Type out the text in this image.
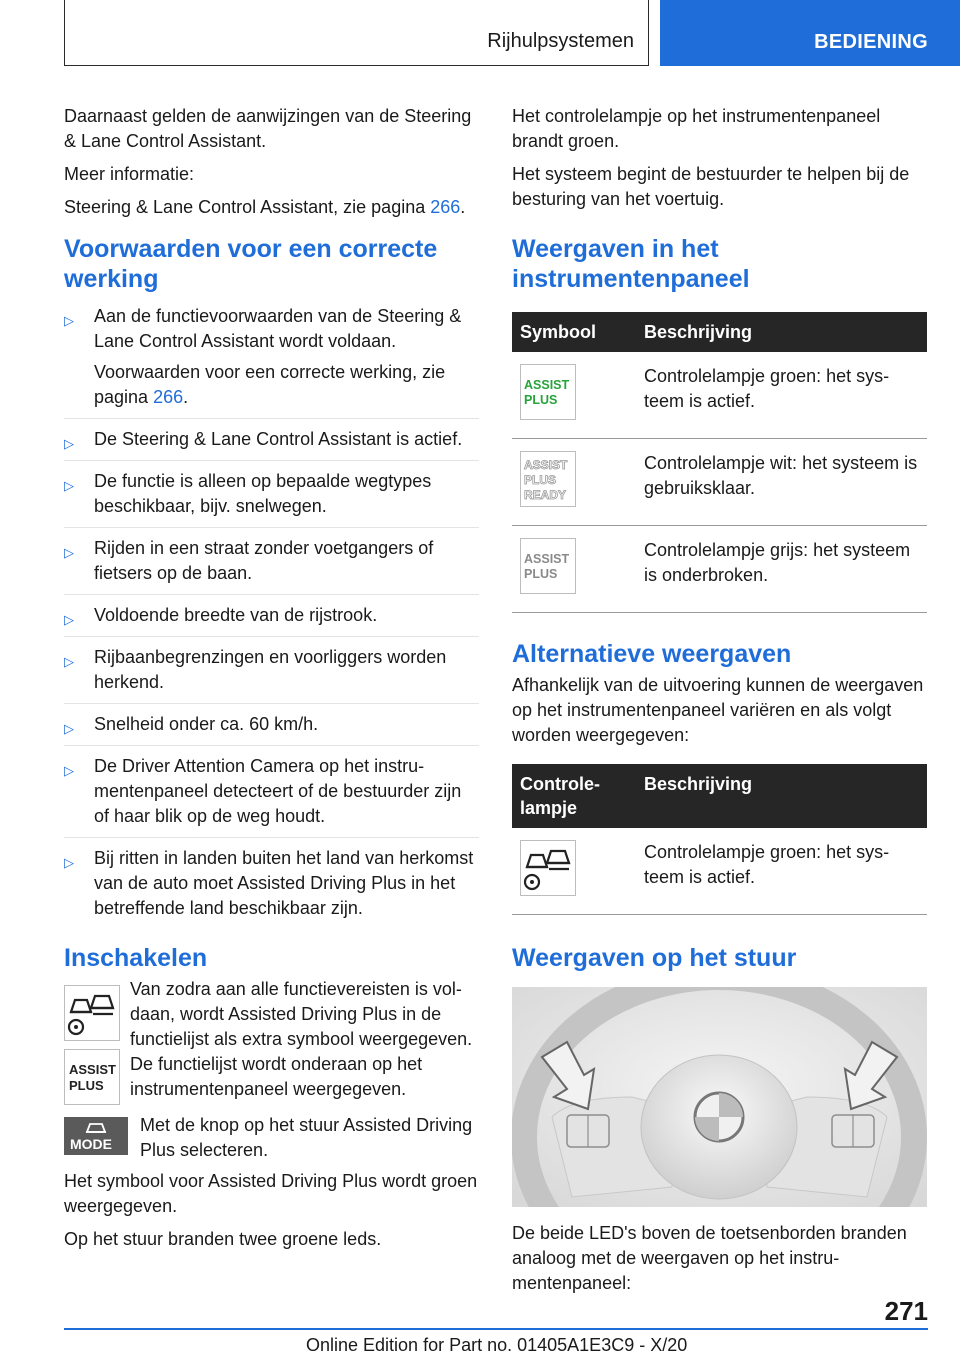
Rijhulpsystemen	BEDIENING

Daarnaast gelden de aanwijzingen van de Steering & Lane Control Assistant.

Meer informatie:

Steering & Lane Control Assistant, zie pagina 266.

Voorwaarden voor een correcte werking
▷ Aan de functievoorwaarden van de Steering & Lane Control Assistant wordt voldaan.

Voorwaarden voor een correcte werking, zie pagina 266.

▷ De Steering & Lane Control Assistant is actief.
▷ De functie is alleen op bepaalde wegtypes beschikbaar, bijv. snelwegen.
▷ Rijden in een straat zonder voetgangers of fietsers op de baan.
▷ Voldoende breedte van de rijstrook.
▷ Rijbaanbegrenzingen en voorliggers worden herkend.
▷ Snelheid onder ca. 60 km/h.
▷ De Driver Attention Camera op het instrumentenpaneel detecteert of de bestuurder zijn of haar blik op de weg houdt.
▷ Bij ritten in landen buiten het land van herkomst van de auto moet Assisted Driving Plus in het betreffende land beschikbaar zijn.
Inschakelen
ASSIST
PLUS

Van zodra aan alle functievereisten is voldaan, wordt Assisted Driving Plus in de functielijst als extra symbool weergegeven. De functielijst wordt onderaan op het instrumentenpaneel weergegeven.

MODE

Met de knop op het stuur Assisted Driving Plus selecteren.

Het symbool voor Assisted Driving Plus wordt groen weergegeven.

Op het stuur branden twee groene leds.

Het controlelampje op het instrumentenpaneel brandt groen.

Het systeem begint de bestuurder te helpen bij de besturing van het voertuig.

Weergaven in het instrumentenpaneel
Symbool	Beschrijving

ASSIST
PLUS	Controlelampje groen: het systeem is actief.

ASSIST
PLUS
READY	Controlelampje wit: het systeem is gebruiksklaar.

ASSIST
PLUS	Controlelampje grijs: het systeem is onderbroken.
Alternatieve weergaven

Afhankelijk van de uitvoering kunnen de weergaven op het instrumentenpaneel variëren en als volgt worden weergegeven:

Controlelampje	Beschrijving
	Controlelampje groen: het systeem is actief.
Weergaven op het stuur

De beide LED's boven de toetsenborden branden analoog met de weergaven op het instrumentenpaneel:

271
Online Edition for Part no. 01405A1E3C9 - X/20
